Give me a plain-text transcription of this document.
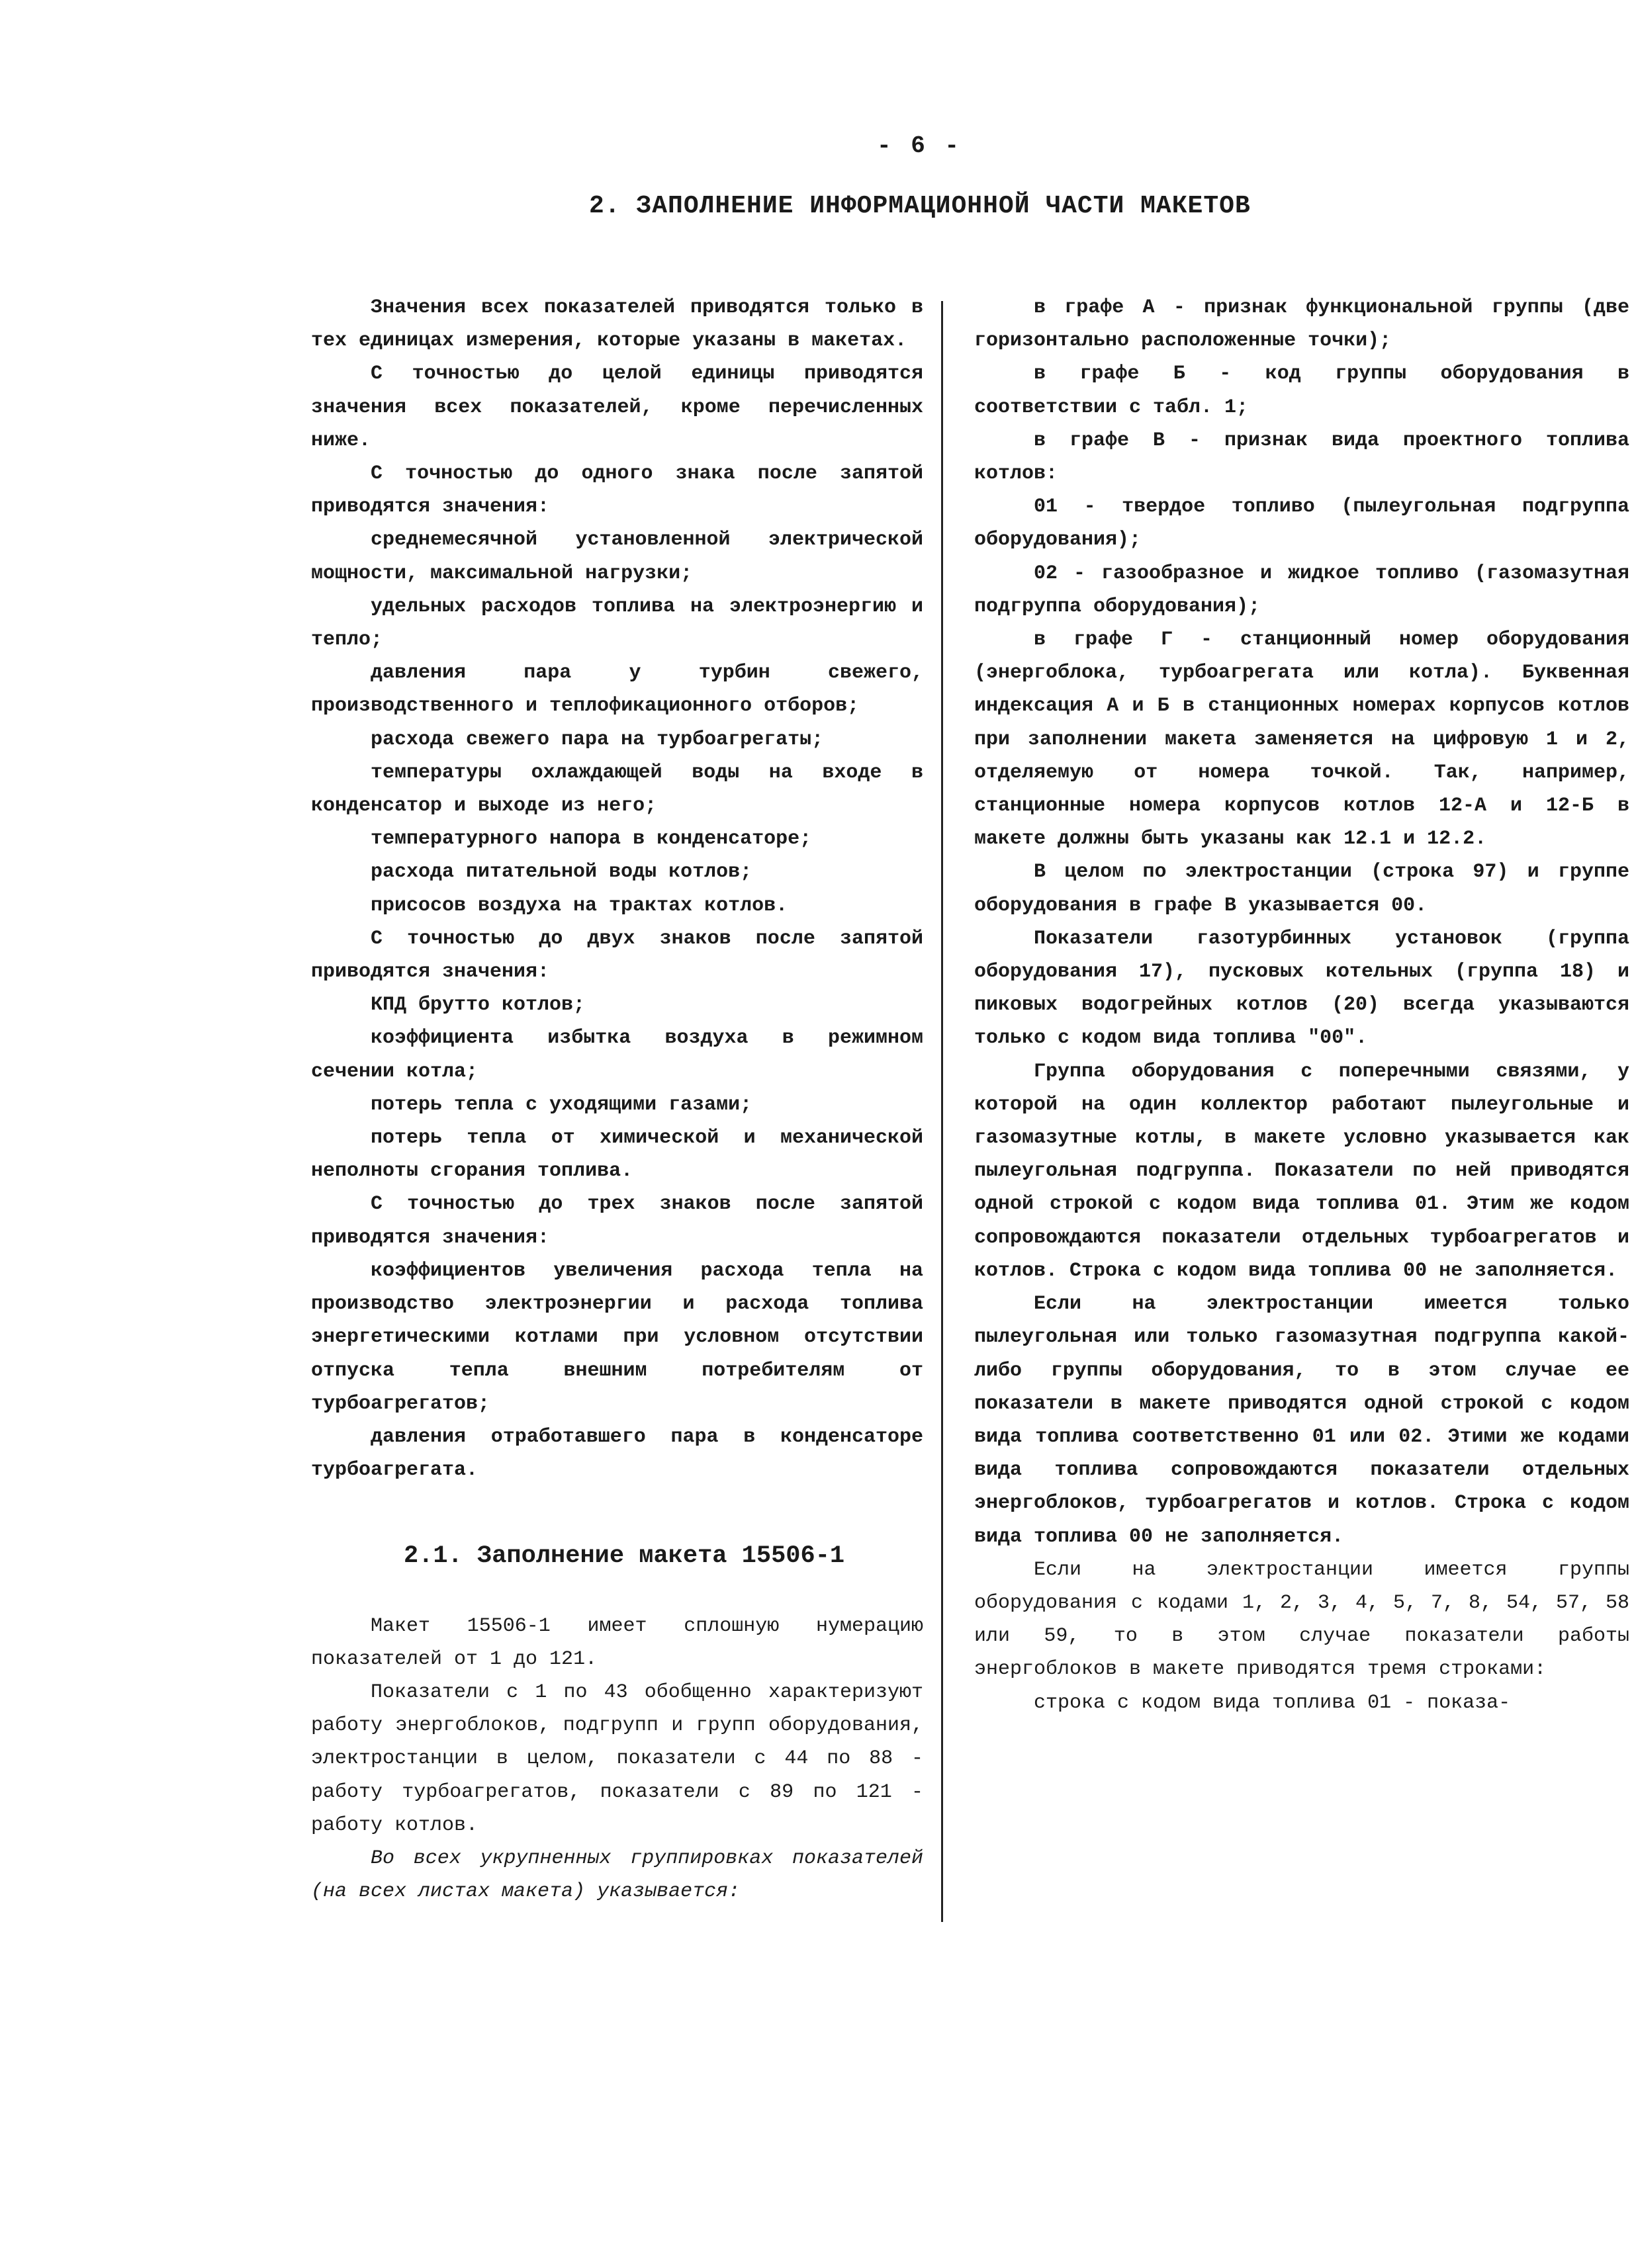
- 6 -
2. ЗАПОЛНЕНИЕ ИНФОРМАЦИОННОЙ ЧАСТИ МАКЕТОВ

Значения всех показателей приводятся только в тех единицах измерения, которые указаны в макетах.

С точностью до целой единицы приводятся значения всех показателей, кроме перечисленных ниже.

С точностью до одного знака после запятой приводятся значения:

среднемесячной установленной электрической мощности, максимальной нагрузки;

удельных расходов топлива на электроэнергию и тепло;

давления пара у турбин свежего, производственного и теплофикационного отборов;

расхода свежего пара на турбоагрегаты;

температуры охлаждающей воды на входе в конденсатор и выходе из него;

температурного напора в конденсаторе;

расхода питательной воды котлов;

присосов воздуха на трактах котлов.

С точностью до двух знаков после запятой приводятся значения:

КПД брутто котлов;

коэффициента избытка воздуха в режимном сечении котла;

потерь тепла с уходящими газами;

потерь тепла от химической и механической неполноты сгорания топлива.

С точностью до трех знаков после запятой приводятся значения:

коэффициентов увеличения расхода тепла на производство электроэнергии и расхода топлива энергетическими котлами при условном отсутствии отпуска тепла внешним потребителям от турбоагрегатов;

давления отработавшего пара в конденсаторе турбоагрегата.

2.1. Заполнение макета 15506-1

Макет 15506-1 имеет сплошную нумерацию показателей от 1 до 121.

Показатели с 1 по 43 обобщенно характеризуют работу энергоблоков, подгрупп и групп оборудования, электростанции в целом, показатели с 44 по 88 - работу турбоагрегатов, показатели с 89 по 121 - работу котлов.

Во всех укрупненных группировках показателей (на всех листах макета) указывается:

в графе А - признак функциональной группы (две горизонтально расположенные точки);

в графе Б - код группы оборудования в соответствии с табл. 1;

в графе В - признак вида проектного топлива котлов:

01 - твердое топливо (пылеугольная подгруппа оборудования);

02 - газообразное и жидкое топливо (газомазутная подгруппа оборудования);

в графе Г - станционный номер оборудования (энергоблока, турбоагрегата или котла). Буквенная индексация А и Б в станционных номерах корпусов котлов при заполнении макета заменяется на цифровую 1 и 2, отделяемую от номера точкой. Так, например, станционные номера корпусов котлов 12-А и 12-Б в макете должны быть указаны как 12.1 и 12.2.

В целом по электростанции (строка 97) и группе оборудования в графе В указывается 00.

Показатели газотурбинных установок (группа оборудования 17), пусковых котельных (группа 18) и пиковых водогрейных котлов (20) всегда указываются только с кодом вида топлива "00".

Группа оборудования с поперечными связями, у которой на один коллектор работают пылеугольные и газомазутные котлы, в макете условно указывается как пылеугольная подгруппа. Показатели по ней приводятся одной строкой с кодом вида топлива 01. Этим же кодом сопровождаются показатели отдельных турбоагрегатов и котлов. Строка с кодом вида топлива 00 не заполняется.

Если на электростанции имеется только пылеугольная или только газомазутная подгруппа какой-либо группы оборудования, то в этом случае ее показатели в макете приводятся одной строкой с кодом вида топлива соответственно 01 или 02. Этими же кодами вида топлива сопровождаются показатели отдельных энергоблоков, турбоагрегатов и котлов. Строка с кодом вида топлива 00 не заполняется.

Если на электростанции имеется группы оборудования с кодами 1, 2, 3, 4, 5, 7, 8, 54, 57, 58 или 59, то в этом случае показатели работы энергоблоков в макете приводятся тремя строками:

строка с кодом вида топлива 01 - показа-
